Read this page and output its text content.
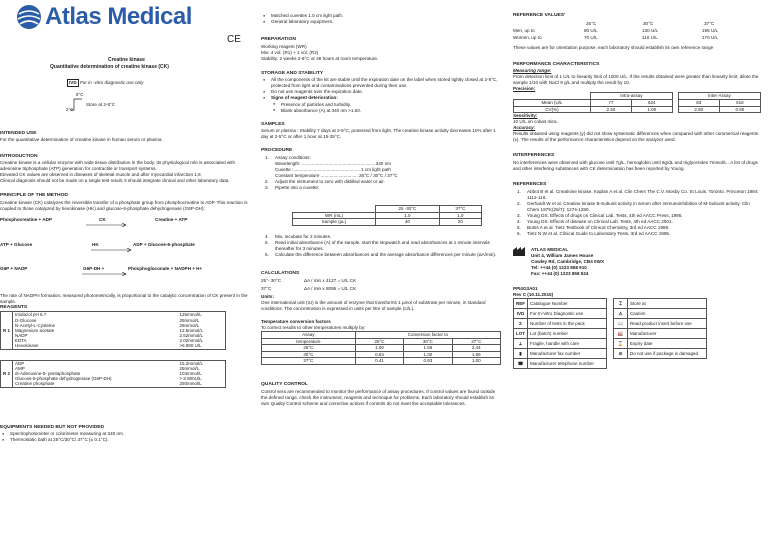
Atlas Medical
CE
Creatine kinase
Quantitative determination of creatine kinase (CK)
IVD For in -vitro diagnostic use only
8°C
2°C
Store at 2-8°C
INTENDED USE

For the quantitative determination of creatine kinase in human serum or plasma.

INTRODUCTION

Creatine kinase is a cellular enzyme with wide tissue distribution in the body. Its physiological role is associated with adenosine triphosphate (ATP) generation for contractile or transport systems.

Elevated CK values are observed in diseases of skeletal muscle and after myocardial infarction 1,6

Clinical diagnosis should not be made on a single test result; it should integrate clinical and other laboratory data.

PRINCIPLE OF THE METHOD

Creatine kinase (CK) catalyzes the reversible transfer of a phosphate group from phosphocreatine to ADP. This reaction is coupled to those catalyzed by hexokinase (HK) and glucose-6-phosphate dehydrogenase (G6P-DH):

Phosphocreatine + ADP	CK	Creatine + ATP
ATP + Glucose	HK	ADP + Glucose-6-phosphate
G6P + NADP	G6P-DH +	Phosphogluconate + NADPH + H+

The rate of NADPH formation, measured photometrically, is proportional to the catalytic concentration of CK present in the sample.

REAGENTS
R 1	Imidazol pH 6.7	125mmol/L
	D-Glucose	25mmol/L
	N-Acetyl-L-Cysteine	25mmol/L
	Magnesium acetate	12.5mmol/L
	NADP	2.52mmol/L
	EDTA	2.02mmol/L
	Hexokinase	>6 800 U/L
R 2	ADP	15.2mmol/L
	AMP	25mmol/L
	di-Adenosine-5- pentaphosphate	103mmol/L
	Glucose-6-phosphate dehydrogenase (G6P-DH)	> 8 800U/L
	Creatine phosphate	250mmol/L
EQUIPMENTS NEEDED BUT NOT PROVIDED
● Spectrophotometer or colorimeter measuring at 340 nm.
● Thermostatic bath at 25°C/30°C/ 37°C (± 0.1°C).
● Matched cuvettes 1.0 cm light path.
● General laboratory equipment.
PREPARATION

Working reagent (WR)

Mix: 4 vol. (R1) + 1 vol. (R2)

Stability: 2 weeks 2-8°C or 48 hours at room temperature.

STORAGE AND STABILITY
● All the components of the kit are stable until the expiration date on the label when stored tightly closed at 2-8°C, protected from light and contaminations prevented during their use.
● Do not use reagents over the expiration date.
● Signs of reagent deterioration:
● Presence of particles and turbidity.
● Blank absorbance (A) at 340 nm >1.60.
SAMPLES

Serum or plasma : Stability 7 days at 2-8°C, protected from light. The creatine kinase activity decreases 10% after 1 day at 2-5°C or after 1 hour at 15-25°C.

PROCEDURE
1. Assay conditions:

Wavelength: ..........................................................340 nm

Cuvette : ................................................... 1 cm light path

Constant temperature ............................. 25°C / 30°C / 37°C

2. Adjust the instrument to zero with distilled water or air.
3. Pipette into a cuvette:
	25 -30°C	37°C
WR (mL)	1.0	1.0
Sample (µL)	40	20
4. Mix, incubate for 2 minutes.
5. Read initial absorbance (A) of the sample, start the stopwatch and read absorbances at 1 minute intervals thereafter for 3 minutes.
6. Calculate the difference between absorbances and the average absorbance differences per minute (ΔA/min).
CALCULATIONS
25°- 30°C	ΔA / min x 4127 = U/L CK
37°C	ΔA / min x 8095 = U/L CK
Units:

One international unit (IU) is the amount of enzyme that transforms 1 µmol of substrate per minute, in standard conditions. The concentration is expressed in units per litre of sample (U/L).

Temperature conversion factors

To correct results to other temperatures multiply by:

Assay	Conversion factor to		
temperature	25°C	30°C	37°C
25°C	1.00	1.56	2.44
30°C	0.64	1.00	1.56
37°C	0.41	0.63	1.00
QUALITY CONTROL

Control sera are recommended to monitor the performance of assay procedures. If control values are found outside the defined range, check the instrument, reagents and technique for problems. Each laboratory should establish its own Quality Control scheme and corrective actions if controls do not meet the acceptable tolerances.

REFERENCE VALUES'
25°C	30°C	37°C
Men, up to	80 U/L	130 U/L	195 U/L
Women, up to	70 U/L	110 U/L	170 U/L

These values are for orientation purpose; each laboratory should establish its own reference range

PERFORMANCE CHARACTERISTICS
Measuring range:

From detection limit of 1 U/L to linearity limit of 1000 U/L. If the results obtained were greater than linearity limit, dilute the sample 1/10 with NaCl 9 g/L and multiply the result by 10.

Precision:
	Intra-assay			Inter-Assay	
Mean (U/L	77	624		83	616
CV(%)	2.50	1.00		2.80	0.80
Sensitivity:

10 U/L on cobas mira.

Accuracy:

Results obtained using reagents (y) did not show systematic differences when compared with other commercial reagents (x). The results of the performance characteristics depend on the analyzer used.

INTERFERENCES

No interferences were observed with glucose until 7g/L, hemoglobin until 5g/dL and triglycerides 7mmol/L . A list of drugs and other interfering substances with CK determination has been reported by Young.

REFERENCES
1. Abbot B et al. Creatinine kinase. Kaplan A et al. Clin Chem The C.V. Mosby Co. St Louis. Toronto. Princeton 1984: 1112-116.
2. Gerhardt W et al. Creatine kinase B-Subunit activity in serum after immunoinhibition of M-Subunit activity. Clin Chem 1979;(25/7): 1274-1280.
3. Young DS. Effects of drugs on Clinical Lab. Tests, 4th ed AACC Press, 1995.
4. Young DS. Effects of disease on Clinical Lab. Tests, 4th ed AACC 2001.
5. Burtis A et al. Tietz Textbook of Clinical Chemistry, 3rd ed AACC 1999.
6. Tietz N W et al. Clinical Guide to Laboratory Tests, 3rd ed AACC 1995.
ATLAS MEDICAL
Unit 4, William James House
Cowley Rd, Cambridge, CB4 0WX
Tel: ++44 (0) 1223 858 910
Fax: ++44 (0) 1223 858 524
PPI4G3A01
Rev C (10.11.2015)
REF	Catalogue Number
IVD	For In-Vitro Diagnostic use
Σ	Number of tests in the pack
LOT	Lot (batch) number
⟂	Fragile, handle with care
▮	Manufacturer fax number
☎	Manufacturer telephone number
⌶	Store at
⚠	Caution
📖	Read product insert before use
🏭	Manufacturer
⌛	Expiry date
⊘	Do not use if package is damaged
